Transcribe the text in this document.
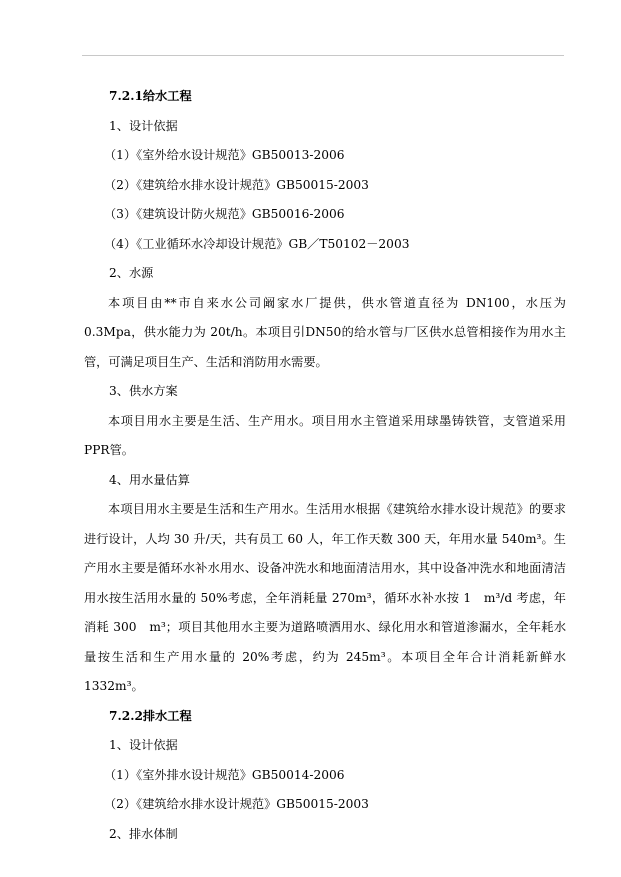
7.2.1给水工程
1、设计依据
（1）《室外给水设计规范》GB50013-2006
（2）《建筑给水排水设计规范》GB50015-2003
（3）《建筑设计防火规范》GB50016-2006
（4）《工业循环水冷却设计规范》GB／T50102－2003
2、水源
本项目由**市自来水公司阚家水厂提供，供水管道直径为 DN100，水压为 0.3Mpa，供水能力为 20t/h。本项目引DN50的给水管与厂区供水总管相接作为用水主管，可满足项目生产、生活和消防用水需要。
3、供水方案
本项目用水主要是生活、生产用水。项目用水主管道采用球墨铸铁管，支管道采用PPR管。
4、用水量估算
本项目用水主要是生活和生产用水。生活用水根据《建筑给水排水设计规范》的要求进行设计，人均 30 升/天，共有员工 60 人，年工作天数 300 天，年用水量 540m³。生产用水主要是循环水补水用水、设备冲洗水和地面清洁用水，其中设备冲洗水和地面清洁用水按生活用水量的 50%考虑，全年消耗量 270m³，循环水补水按 1　m³/d 考虑，年消耗 300　m³；项目其他用水主要为道路喷洒用水、绿化用水和管道渗漏水，全年耗水量按生活和生产用水量的 20%考虑，约为 245m³。本项目全年合计消耗新鲜水 1332m³。
7.2.2排水工程
1、设计依据
（1）《室外排水设计规范》GB50014-2006
（2）《建筑给水排水设计规范》GB50015-2003
2、排水体制
